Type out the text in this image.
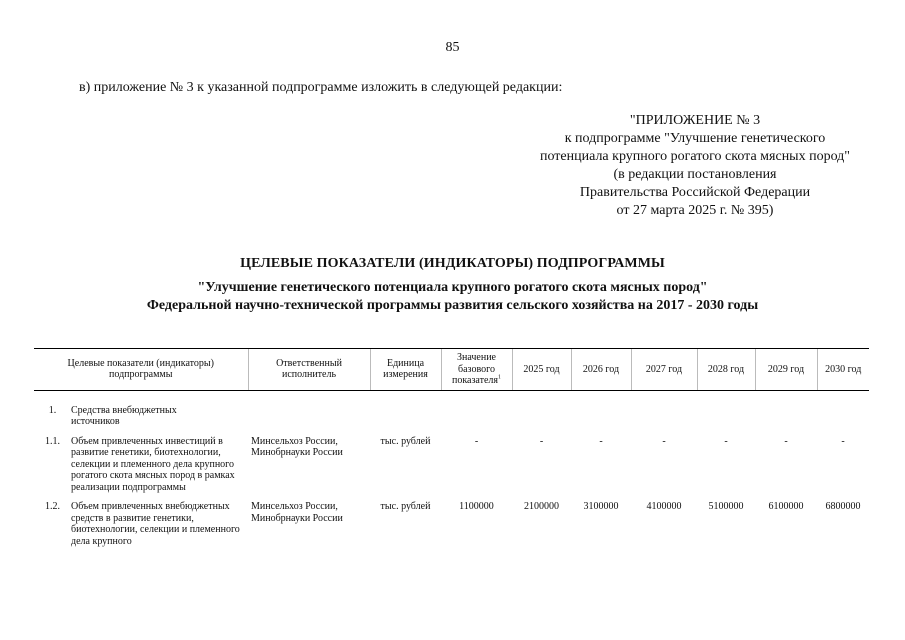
85
в) приложение № 3 к указанной подпрограмме изложить в следующей редакции:
"ПРИЛОЖЕНИЕ № 3
к подпрограмме "Улучшение генетического
потенциала крупного рогатого скота мясных пород"
(в редакции постановления
Правительства Российской Федерации
от 27 марта 2025 г. № 395)
ЦЕЛЕВЫЕ ПОКАЗАТЕЛИ (ИНДИКАТОРЫ) ПОДПРОГРАММЫ
"Улучшение генетического потенциала крупного рогатого скота мясных пород"
Федеральной научно-технической программы развития сельского хозяйства на 2017 - 2030 годы
Целевые показатели (индикаторы) подпрограммы	Ответственный исполнитель	Единица измерения	Значение базового показателя$^1$	2025 год	2026 год	2027 год	2028 год	2029 год	2030 год

1. Средства внебюджетных источников									

1.1. Объем привлеченных инвестиций в развитие генетики, биотехнологии, селекции и племенного дела крупного рогатого скота мясных пород в рамках реализации подпрограммы	Минсельхоз России, Минобрнауки России	тыс. рублей	-	-	-	-	-	-	-

1.2. Объем привлеченных внебюджетных средств в развитие генетики, биотехнологии, селекции и племенного дела крупного	Минсельхоз России, Минобрнауки России	тыс. рублей	1100000	2100000	3100000	4100000	5100000	6100000	6800000
